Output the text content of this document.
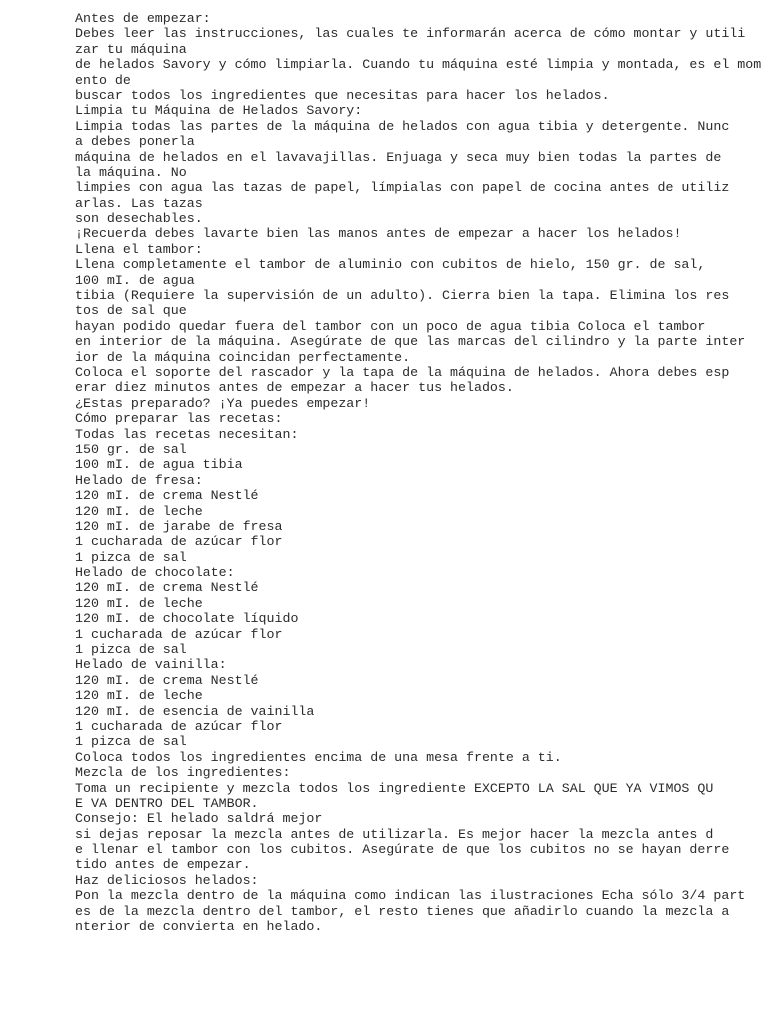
Antes de empezar:
Debes leer las instrucciones, las cuales te informarán acerca de cómo montar y utili
zar tu máquina
de helados Savory y cómo limpiarla. Cuando tu máquina esté limpia y montada, es el mom
ento de
buscar todos los ingredientes que necesitas para hacer los helados.
Limpia tu Máquina de Helados Savory:
Limpia todas las partes de la máquina de helados con agua tibia y detergente. Nunc
a debes ponerla
máquina de helados en el lavavajillas. Enjuaga y seca muy bien todas la partes de
la máquina. No
limpies con agua las tazas de papel, límpialas con papel de cocina antes de utiliz
arlas. Las tazas
son desechables.
¡Recuerda debes lavarte bien las manos antes de empezar a hacer los helados!
Llena el tambor:
Llena completamente el tambor de aluminio con cubitos de hielo, 150 gr. de sal,
100 mI. de agua
tibia (Requiere la supervisión de un adulto). Cierra bien la tapa. Elimina los res
tos de sal que
hayan podido quedar fuera del tambor con un poco de agua tibia Coloca el tambor
en interior de la máquina. Asegúrate de que las marcas del cilindro y la parte inter
ior de la máquina coincidan perfectamente.
Coloca el soporte del rascador y la tapa de la máquina de helados. Ahora debes esp
erar diez minutos antes de empezar a hacer tus helados.
¿Estas preparado? ¡Ya puedes empezar!
Cómo preparar las recetas:
Todas las recetas necesitan:
150 gr. de sal
100 mI. de agua tibia
Helado de fresa:
120 mI. de crema Nestlé
120 mI. de leche
120 mI. de jarabe de fresa
1 cucharada de azúcar flor
1 pizca de sal
Helado de chocolate:
120 mI. de crema Nestlé
120 mI. de leche
120 mI. de chocolate líquido
1 cucharada de azúcar flor
1 pizca de sal
Helado de vainilla:
120 mI. de crema Nestlé
120 mI. de leche
120 mI. de esencia de vainilla
1 cucharada de azúcar flor
1 pizca de sal
Coloca todos los ingredientes encima de una mesa frente a ti.
Mezcla de los ingredientes:
Toma un recipiente y mezcla todos los ingrediente EXCEPTO LA SAL QUE YA VIMOS QU
E VA DENTRO DEL TAMBOR.
Consejo: El helado saldrá mejor
si dejas reposar la mezcla antes de utilizarla. Es mejor hacer la mezcla antes d
e llenar el tambor con los cubitos. Asegúrate de que los cubitos no se hayan derre
tido antes de empezar.
Haz deliciosos helados:
Pon la mezcla dentro de la máquina como indican las ilustraciones Echa sólo 3/4 part
es de la mezcla dentro del tambor, el resto tienes que añadirlo cuando la mezcla a
nterior de convierta en helado.
